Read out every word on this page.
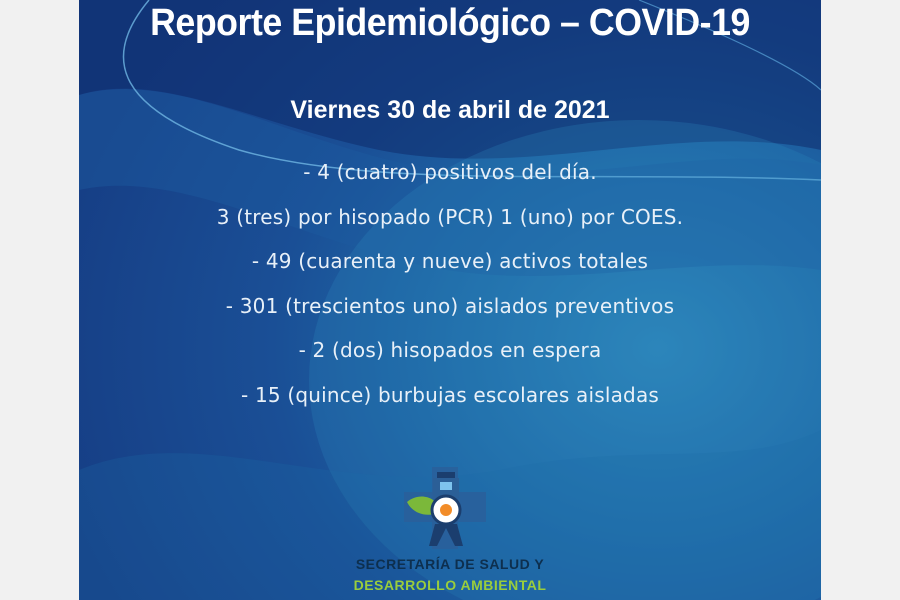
Reporte Epidemiológico – COVID-19
Viernes 30 de abril de 2021
- 4 (cuatro) positivos del día.
3 (tres) por hisopado (PCR) 1 (uno) por COES.
- 49 (cuarenta y nueve) activos totales
- 301 (trescientos uno) aislados preventivos
- 2 (dos) hisopados en espera
- 15 (quince) burbujas escolares aisladas
SECRETARÍA DE SALUD Y
DESARROLLO AMBIENTAL
